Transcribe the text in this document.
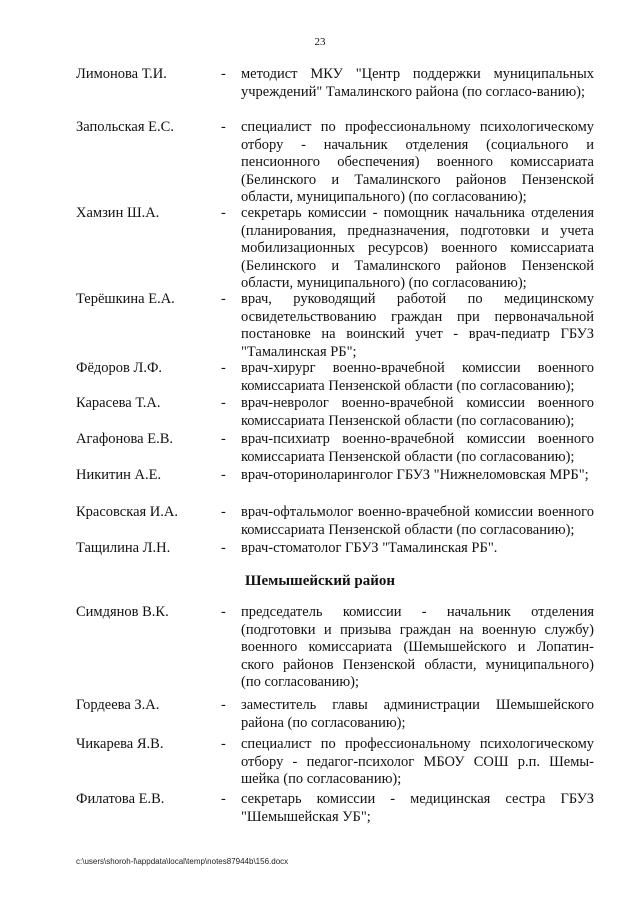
23
Лимонова Т.И.	- методист МКУ "Центр поддержки муниципальных учреждений" Тамалинского района (по согласо-ванию);
Запольская Е.С.	- специалист по профессиональному психологическому отбору - начальник отделения (социального и пенсионного обеспечения) военного комиссариата (Белинского и Тамалинского районов Пензенской области, муниципального) (по согласованию);
Хамзин Ш.А.	- секретарь комиссии - помощник начальника отделения (планирования, предназначения, подготовки и учета мобилизационных ресурсов) военного комиссариата (Белинского и Тамалинского районов Пензенской области, муниципального) (по согласованию);
Терёшкина Е.А.	- врач, руководящий работой по медицинскому освидетельствованию граждан при первоначальной постановке на воинский учет - врач-педиатр ГБУЗ "Тамалинская РБ";
Фёдоров Л.Ф.	- врач-хирург военно-врачебной комиссии военного комиссариата Пензенской области (по согласованию);
Карасева Т.А.	- врач-невролог военно-врачебной комиссии военного комиссариата Пензенской области (по согласованию);
Агафонова Е.В.	- врач-психиатр военно-врачебной комиссии военного комиссариата Пензенской области (по согласованию);
Никитин А.Е.	- врач-оториноларинголог ГБУЗ "Нижнеломовская МРБ";
Красовская И.А.	- врач-офтальмолог военно-врачебной комиссии военного комиссариата Пензенской области (по согласованию);
Тащилина Л.Н.	- врач-стоматолог ГБУЗ "Тамалинская РБ".
Шемышейский район
Симдянов В.К.	- председатель комиссии - начальник отделения (подготовки и призыва граждан на военную службу) военного комиссариата (Шемышейского и Лопатин-ского районов Пензенской области, муниципального) (по согласованию);
Гордеева З.А.	- заместитель главы администрации Шемышейского района (по согласованию);
Чикарева Я.В.	- специалист по профессиональному психологическому отбору - педагог-психолог МБОУ СОШ р.п. Шемы-шейка (по согласованию);
Филатова Е.В.	- секретарь комиссии - медицинская сестра ГБУЗ "Шемышейская УБ";
c:\users\shoroh-l\appdata\local\temp\notes87944b\156.docx
